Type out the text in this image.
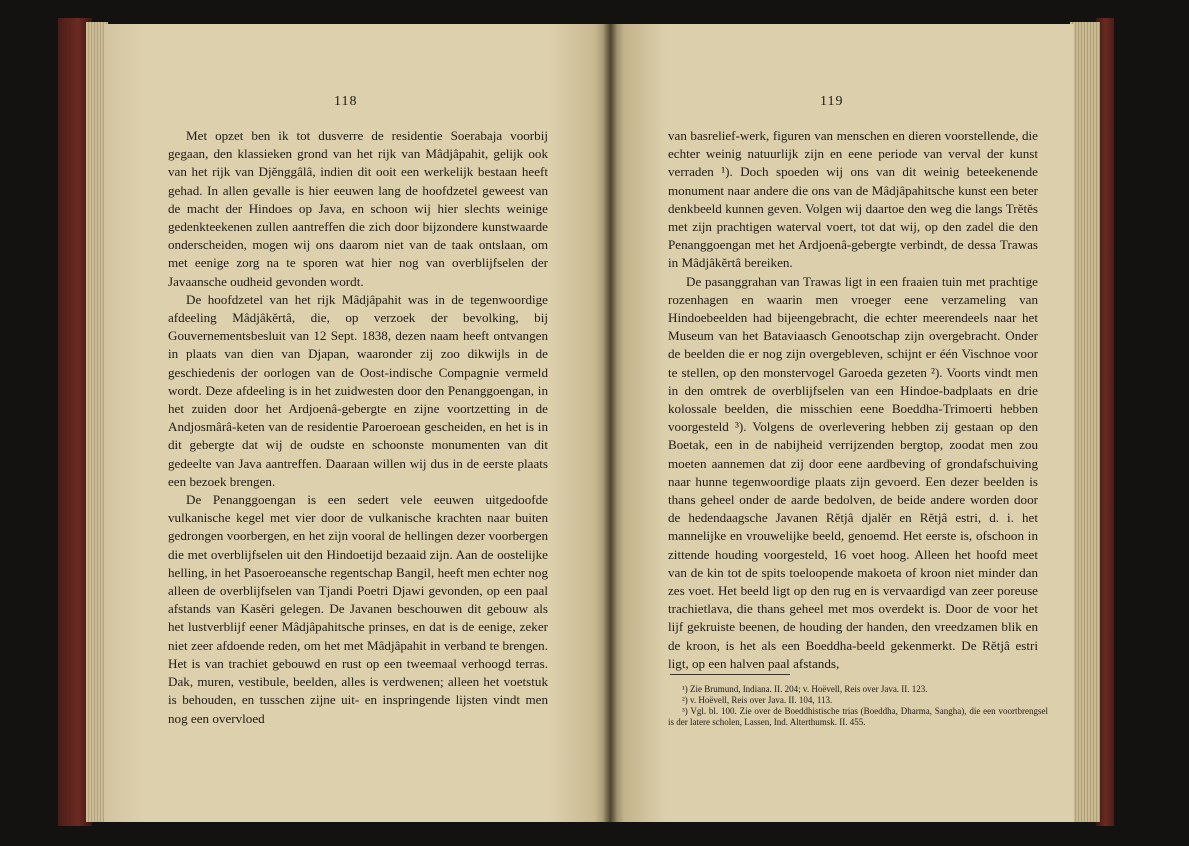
118

Met opzet ben ik tot dusverre de residentie Soerabaja voorbij gegaan, den klassieken grond van het rijk van Mâdjâpahit, gelijk ook van het rijk van Djĕnggâlâ, indien dit ooit een werkelijk bestaan heeft gehad. In allen gevalle is hier eeuwen lang de hoofdzetel geweest van de macht der Hindoes op Java, en schoon wij hier slechts weinige gedenkteekenen zullen aantreffen die zich door bijzondere kunstwaarde onderscheiden, mogen wij ons daarom niet van de taak ontslaan, om met eenige zorg na te sporen wat hier nog van overblijfselen der Javaansche oudheid gevonden wordt.

De hoofdzetel van het rijk Mâdjâpahit was in de tegenwoordige afdeeling Mâdjâkĕrtâ, die, op verzoek der bevolking, bij Gouvernementsbesluit van 12 Sept. 1838, dezen naam heeft ontvangen in plaats van dien van Djapan, waaronder zij zoo dikwijls in de geschiedenis der oorlogen van de Oost-indische Compagnie vermeld wordt. Deze afdeeling is in het zuidwesten door den Penanggoengan, in het zuiden door het Ardjoenâ-gebergte en zijne voortzetting in de Andjosmârâ-keten van de residentie Paroeroean gescheiden, en het is in dit gebergte dat wij de oudste en schoonste monumenten van dit gedeelte van Java aantreffen. Daaraan willen wij dus in de eerste plaats een bezoek brengen.

De Penanggoengan is een sedert vele eeuwen uitgedoofde vulkanische kegel met vier door de vulkanische krachten naar buiten gedrongen voorbergen, en het zijn vooral de hellingen dezer voorbergen die met overblijfselen uit den Hindoetijd bezaaid zijn. Aan de oostelijke helling, in het Pasoeroeansche regentschap Bangil, heeft men echter nog alleen de overblijfselen van Tjandi Poetri Djawi gevonden, op een paal afstands van Kasĕri gelegen. De Javanen beschouwen dit gebouw als het lustverblijf eener Mâdjâpahitsche prinses, en dat is de eenige, zeker niet zeer afdoende reden, om het met Mâdjâpahit in verband te brengen. Het is van trachiet gebouwd en rust op een tweemaal verhoogd terras. Dak, muren, vestibule, beelden, alles is verdwenen; alleen het voetstuk is behouden, en tusschen zijne uit- en inspringende lijsten vindt men nog een overvloed

119

van basrelief-werk, figuren van menschen en dieren voorstellende, die echter weinig natuurlijk zijn en eene periode van verval der kunst verraden ¹). Doch spoeden wij ons van dit weinig beteekenende monument naar andere die ons van de Mâdjâpahitsche kunst een beter denkbeeld kunnen geven. Volgen wij daartoe den weg die langs Trĕtĕs met zijn prachtigen waterval voert, tot dat wij, op den zadel die den Penanggoengan met het Ardjoenâ-gebergte verbindt, de dessa Trawas in Mâdjâkĕrtâ bereiken.

De pasanggrahan van Trawas ligt in een fraaien tuin met prachtige rozenhagen en waarin men vroeger eene verzameling van Hindoebeelden had bijeengebracht, die echter meerendeels naar het Museum van het Bataviaasch Genootschap zijn overgebracht. Onder de beelden die er nog zijn overgebleven, schijnt er één Vischnoe voor te stellen, op den monstervogel Garoeda gezeten ²). Voorts vindt men in den omtrek de overblijfselen van een Hindoe-badplaats en drie kolossale beelden, die misschien eene Boeddha-Trimoerti hebben voorgesteld ³). Volgens de overlevering hebben zij gestaan op den Boetak, een in de nabijheid verrijzenden bergtop, zoodat men zou moeten aannemen dat zij door eene aardbeving of grondafschuiving naar hunne tegenwoordige plaats zijn gevoerd. Een dezer beelden is thans geheel onder de aarde bedolven, de beide andere worden door de hedendaagsche Javanen Rĕtjâ djalĕr en Rĕtjâ estri, d. i. het mannelijke en vrouwelijke beeld, genoemd. Het eerste is, ofschoon in zittende houding voorgesteld, 16 voet hoog. Alleen het hoofd meet van de kin tot de spits toeloopende makoeta of kroon niet minder dan zes voet. Het beeld ligt op den rug en is vervaardigd van zeer poreuse trachietlava, die thans geheel met mos overdekt is. Door de voor het lijf gekruiste beenen, de houding der handen, den vreedzamen blik en de kroon, is het als een Boeddha-beeld gekenmerkt. De Rĕtjâ estri ligt, op een halven paal afstands,

¹) Zie Brumund, Indiana. II. 204; v. Hoëvell, Reis over Java. II. 123.

²) v. Hoëvell, Reis over Java. II. 104, 113.

³) Vgl. bl. 100. Zie over de Boeddhistische trias (Boeddha, Dharma, Sangha), die een voortbrengsel is der latere scholen, Lassen, Ind. Alterthumsk. II. 455.
